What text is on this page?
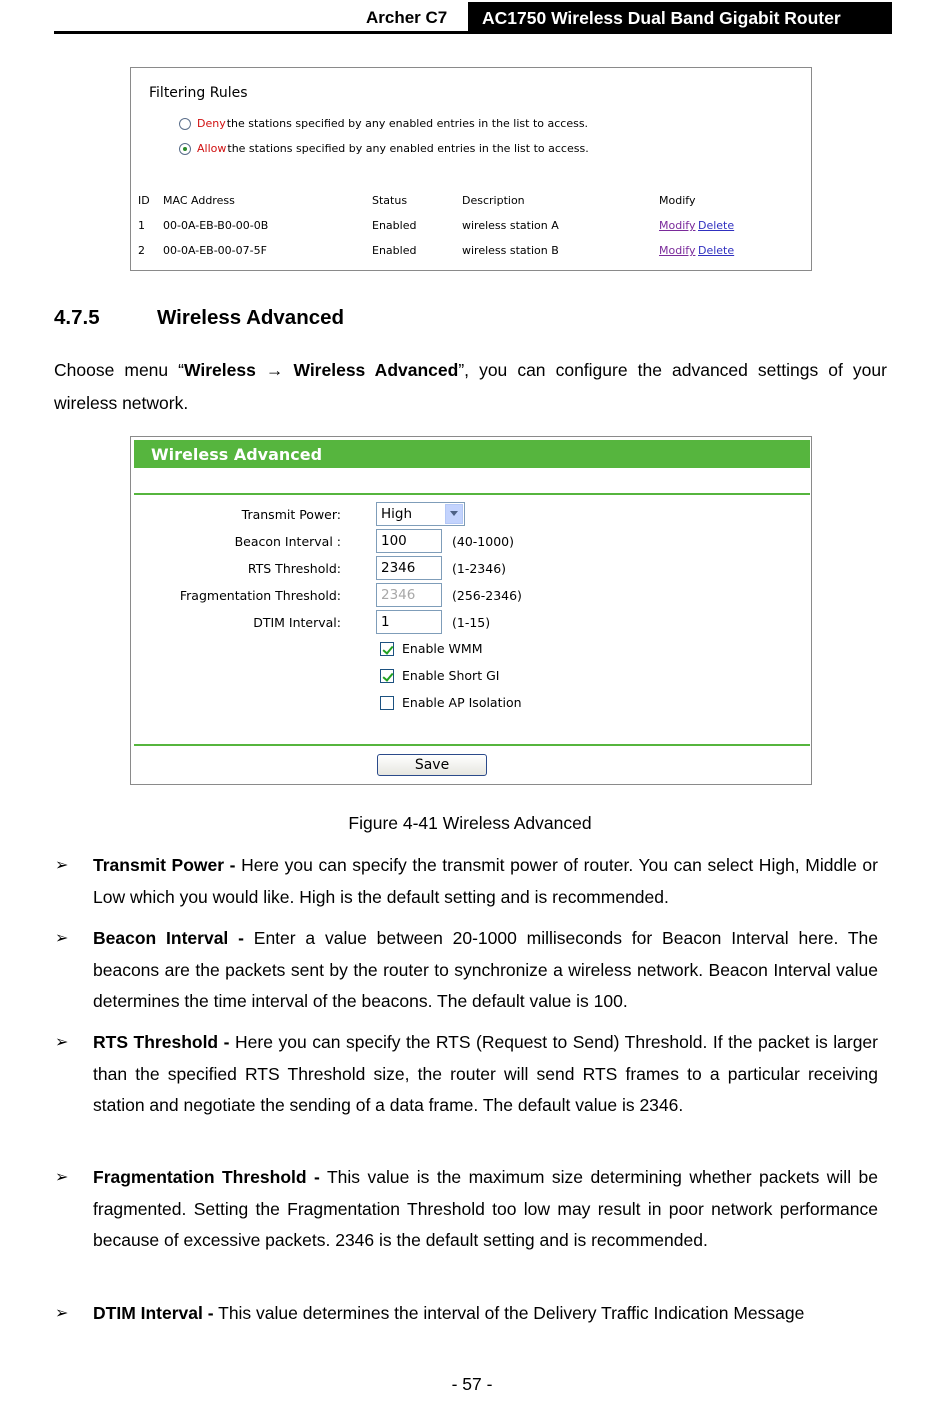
Archer C7	AC1750 Wireless Dual Band Gigabit Router
Filtering Rules
Deny the stations specified by any enabled entries in the list to access.
Allow the stations specified by any enabled entries in the list to access.
ID MAC Address	Status	Description	Modify
1 00-0A-EB-B0-00-0B	Enabled	wireless station A	Modify Delete
2 00-0A-EB-00-07-5F	Enabled	wireless station B	Modify Delete
4.7.5	Wireless Advanced

Choose menu “Wireless → Wireless Advanced”, you can configure the advanced settings of your wireless network.

Wireless Advanced
Transmit Power:	High
Beacon Interval :	100	(40-1000)
RTS Threshold:	2346	(1-2346)
Fragmentation Threshold:	2346	(256-2346)
DTIM Interval:	1	(1-15)
Enable WMM
Enable Short GI
Enable AP Isolation
Save
Figure 4-41 Wireless Advanced
➢ Transmit Power - Here you can specify the transmit power of router. You can select High, Middle or Low which you would like. High is the default setting and is recommended.
➢ Beacon Interval - Enter a value between 20-1000 milliseconds for Beacon Interval here. The beacons are the packets sent by the router to synchronize a wireless network. Beacon Interval value determines the time interval of the beacons. The default value is 100.
➢ RTS Threshold - Here you can specify the RTS (Request to Send) Threshold. If the packet is larger than the specified RTS Threshold size, the router will send RTS frames to a particular receiving station and negotiate the sending of a data frame. The default value is 2346.
➢ Fragmentation Threshold - This value is the maximum size determining whether packets will be fragmented. Setting the Fragmentation Threshold too low may result in poor network performance because of excessive packets. 2346 is the default setting and is recommended.
➢ DTIM Interval - This value determines the interval of the Delivery Traffic Indication Message
- 57 -
